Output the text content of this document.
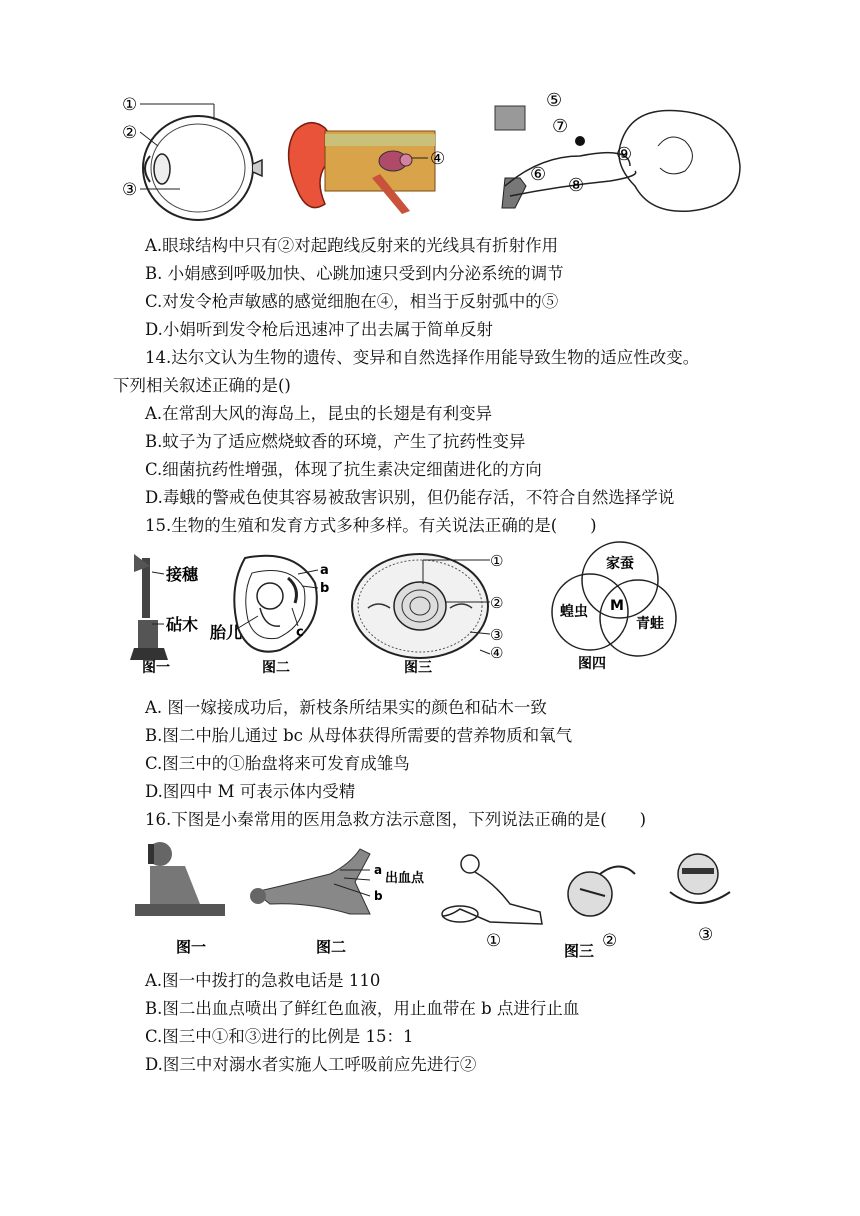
①
②
③
④
⑤
⑥
⑦
⑧
⑨
A.眼球结构中只有②对起跑线反射来的光线具有折射作用
B. 小娟感到呼吸加快、心跳加速只受到内分泌系统的调节
C.对发令枪声敏感的感觉细胞在④，相当于反射弧中的⑤
D.小娟听到发令枪后迅速冲了出去属于简单反射
14.达尔文认为生物的遗传、变异和自然选择作用能导致生物的适应性改变。
下列相关叙述正确的是()
A.在常刮大风的海岛上，昆虫的长翅是有利变异
B.蚊子为了适应燃烧蚊香的环境，产生了抗药性变异
C.细菌抗药性增强，体现了抗生素决定细菌进化的方向
D.毒蛾的警戒色使其容易被敌害识别，但仍能存活，不符合自然选择学说
15.生物的生殖和发育方式多种多样。有关说法正确的是(　　)
接穗
砧木
图一
a
b
c
胎儿
图二
①
②
③
④
图三
家蚕
蝗虫
青蛙
M
图四
A. 图一嫁接成功后，新枝条所结果实的颜色和砧木一致
B.图二中胎儿通过 bc 从母体获得所需要的营养物质和氧气
C.图三中的①胎盘将来可发育成雏鸟
D.图四中 M 可表示体内受精
16.下图是小秦常用的医用急救方法示意图，下列说法正确的是(　　)
图一
a
出血点
b
图二	①	②
图三
③
A.图一中拨打的急救电话是 110
B.图二出血点喷出了鲜红色血液，用止血带在 b 点进行止血
C.图三中①和③进行的比例是 15：1
D.图三中对溺水者实施人工呼吸前应先进行②
